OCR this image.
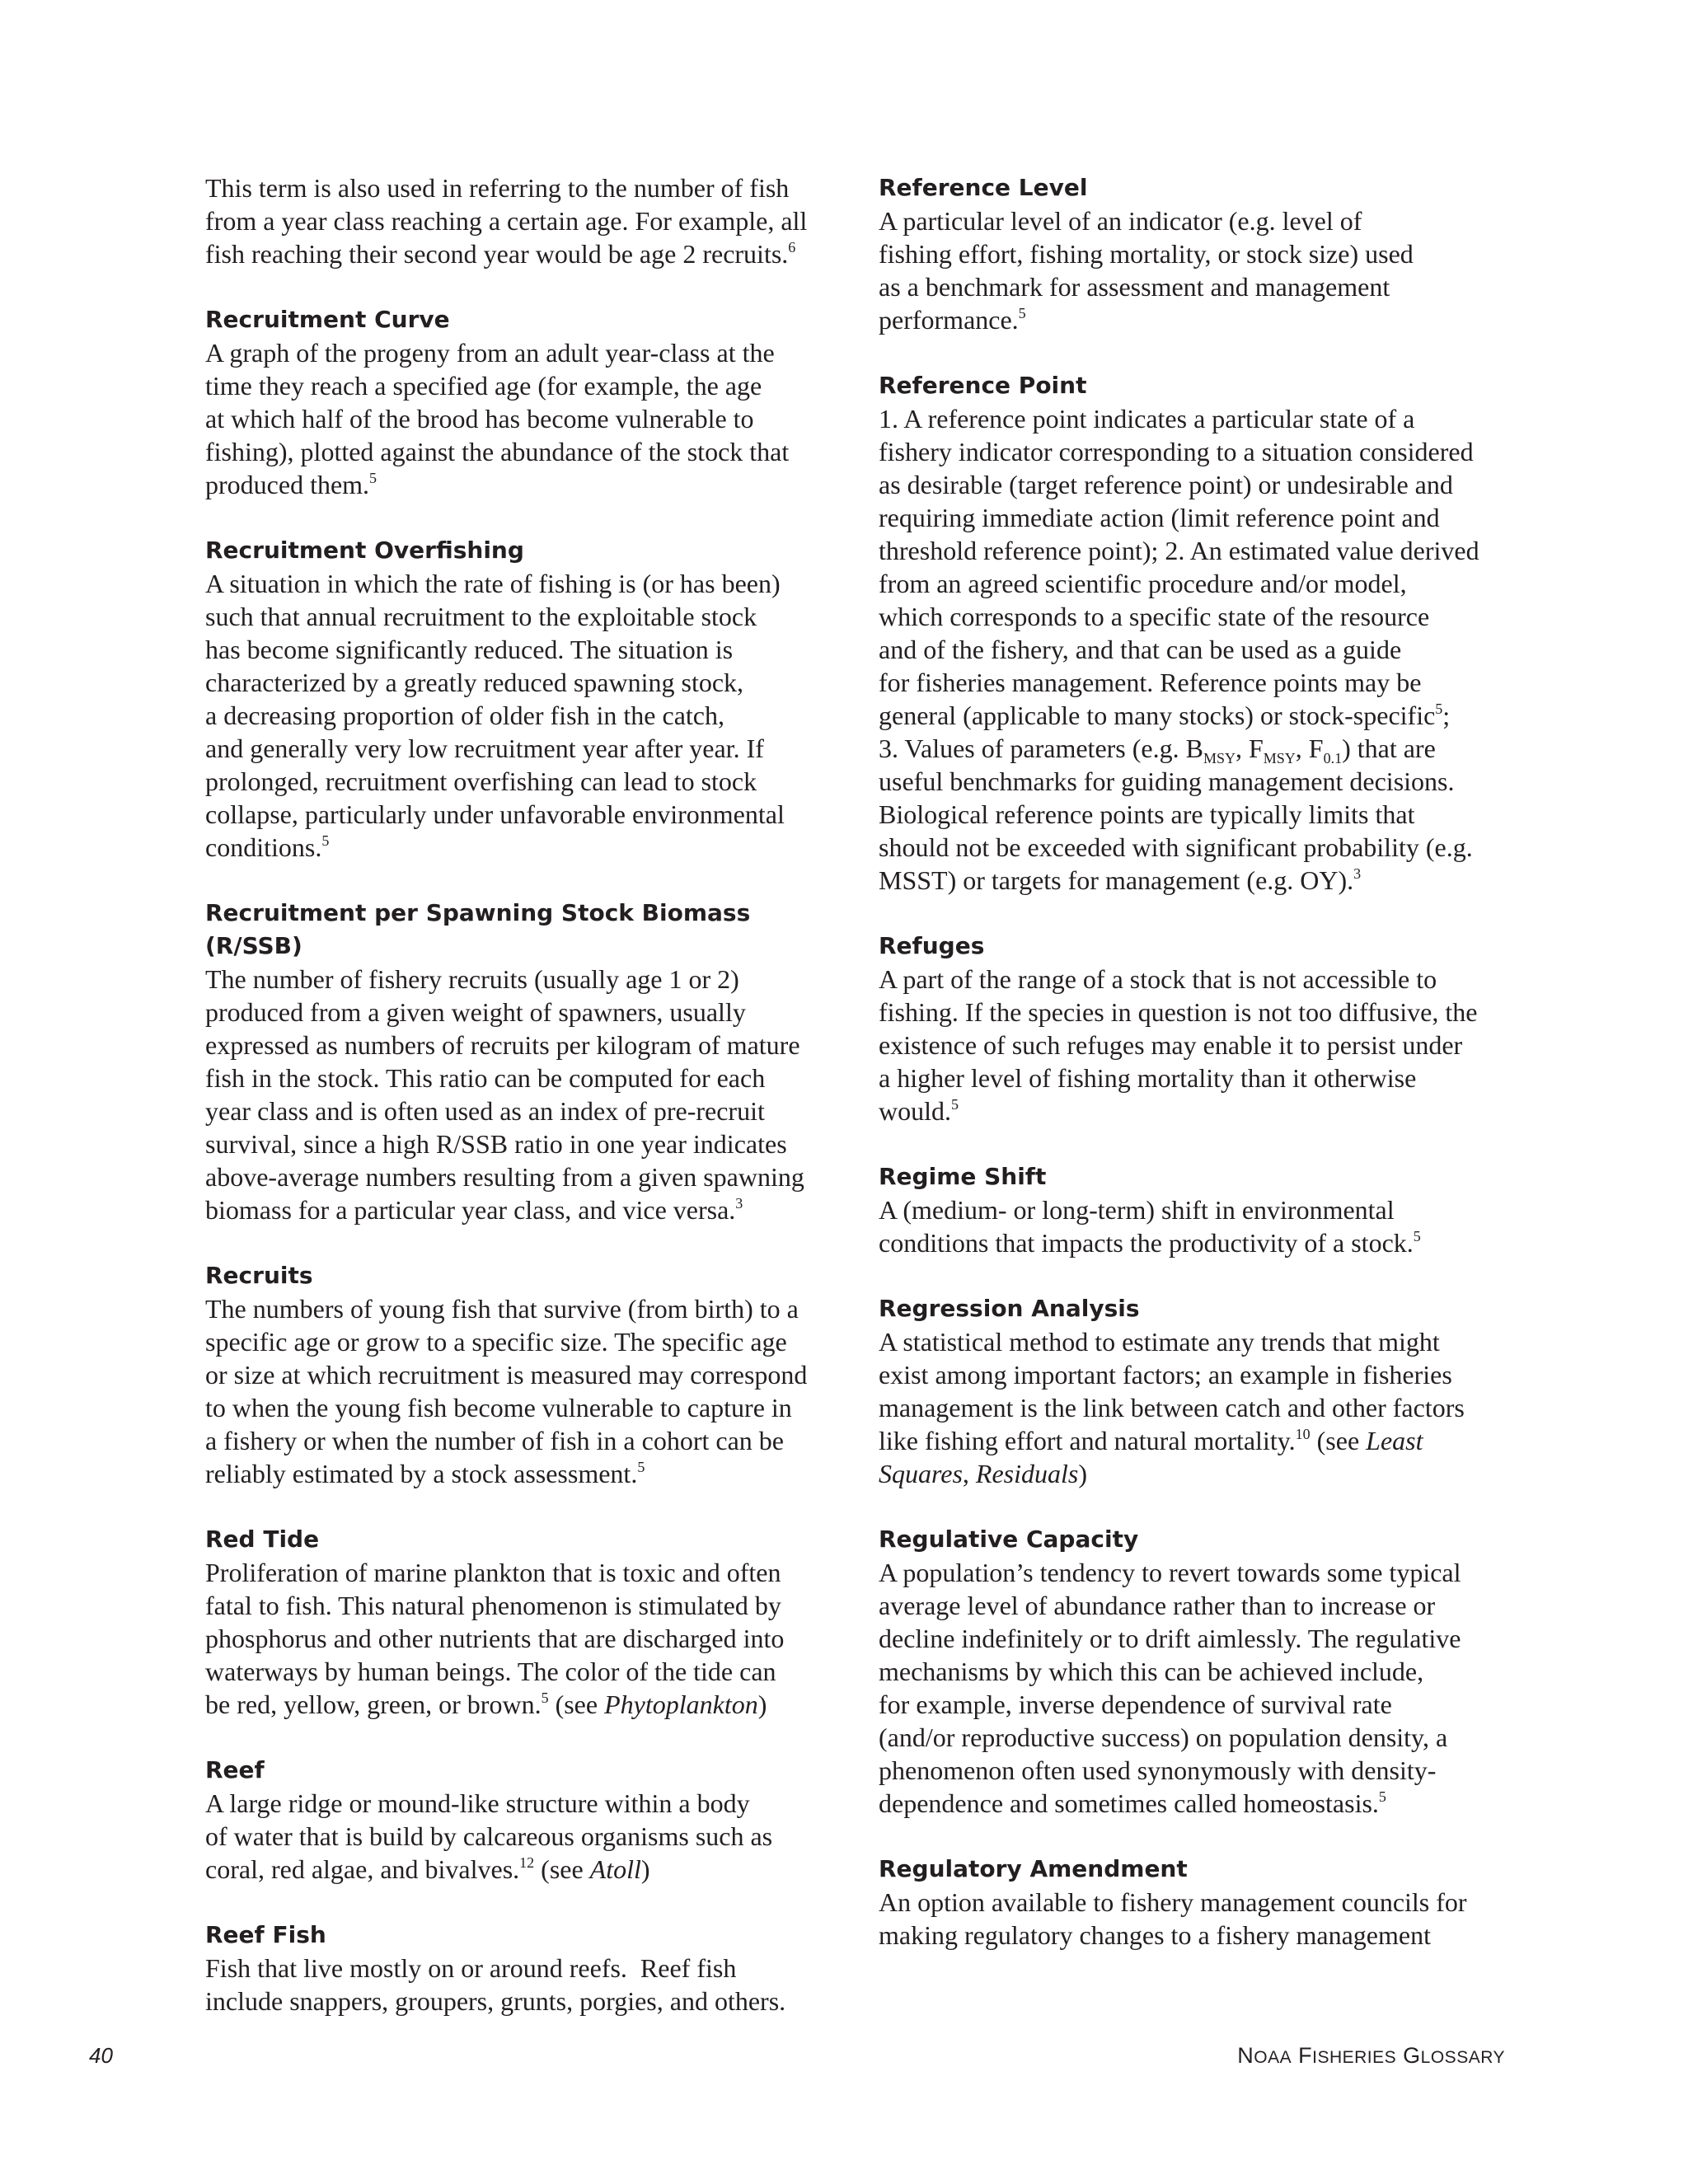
This term is also used in referring to the number of fish
from a year class reaching a certain age. For example, all
fish reaching their second year would be age 2 recruits.$^6$

Recruitment Curve

A graph of the progeny from an adult year-class at the
time they reach a specified age (for example, the age
at which half of the brood has become vulnerable to
fishing), plotted against the abundance of the stock that
produced them.$^5$

Recruitment Overfishing

A situation in which the rate of fishing is (or has been)
such that annual recruitment to the exploitable stock
has become significantly reduced. The situation is
characterized by a greatly reduced spawning stock,
a decreasing proportion of older fish in the catch,
and generally very low recruitment year after year. If
prolonged, recruitment overfishing can lead to stock
collapse, particularly under unfavorable environmental
conditions.$^5$

Recruitment per Spawning Stock Biomass (R/SSB)

The number of fishery recruits (usually age 1 or 2)
produced from a given weight of spawners, usually
expressed as numbers of recruits per kilogram of mature
fish in the stock. This ratio can be computed for each
year class and is often used as an index of pre-recruit
survival, since a high R/SSB ratio in one year indicates
above-average numbers resulting from a given spawning
biomass for a particular year class, and vice versa.$^3$

Recruits

The numbers of young fish that survive (from birth) to a
specific age or grow to a specific size. The specific age
or size at which recruitment is measured may correspond
to when the young fish become vulnerable to capture in
a fishery or when the number of fish in a cohort can be
reliably estimated by a stock assessment.$^5$

Red Tide

Proliferation of marine plankton that is toxic and often
fatal to fish. This natural phenomenon is stimulated by
phosphorus and other nutrients that are discharged into
waterways by human beings. The color of the tide can
be red, yellow, green, or brown.$^5$ (see Phytoplankton)

Reef

A large ridge or mound-like structure within a body
of water that is build by calcareous organisms such as
coral, red algae, and bivalves.$^{12}$ (see Atoll)

Reef Fish

Fish that live mostly on or around reefs.  Reef fish
include snappers, groupers, grunts, porgies, and others.

Reference Level

A particular level of an indicator (e.g. level of
fishing effort, fishing mortality, or stock size) used
as a benchmark for assessment and management
performance.$^5$

Reference Point

1. A reference point indicates a particular state of a
fishery indicator corresponding to a situation considered
as desirable (target reference point) or undesirable and
requiring immediate action (limit reference point and
threshold reference point); 2. An estimated value derived
from an agreed scientific procedure and/or model,
which corresponds to a specific state of the resource
and of the fishery, and that can be used as a guide
for fisheries management. Reference points may be
general (applicable to many stocks) or stock-specific$^5$;
3. Values of parameters (e.g. $B_{MSY}$, $F_{MSY}$, $F_{0.1}$) that are
useful benchmarks for guiding management decisions.
Biological reference points are typically limits that
should not be exceeded with significant probability (e.g.
MSST) or targets for management (e.g. OY).$^3$

Refuges

A part of the range of a stock that is not accessible to
fishing. If the species in question is not too diffusive, the
existence of such refuges may enable it to persist under
a higher level of fishing mortality than it otherwise
would.$^5$

Regime Shift

A (medium- or long-term) shift in environmental
conditions that impacts the productivity of a stock.$^5$

Regression Analysis

A statistical method to estimate any trends that might
exist among important factors; an example in fisheries
management is the link between catch and other factors
like fishing effort and natural mortality.$^{10}$ (see Least
Squares, Residuals)

Regulative Capacity

A population’s tendency to revert towards some typical
average level of abundance rather than to increase or
decline indefinitely or to drift aimlessly. The regulative
mechanisms by which this can be achieved include,
for example, inverse dependence of survival rate
(and/or reproductive success) on population density, a
phenomenon often used synonymously with density-
dependence and sometimes called homeostasis.$^5$

Regulatory Amendment

An option available to fishery management councils for
making regulatory changes to a fishery management

40	NOAA FISHERIES GLOSSARY
